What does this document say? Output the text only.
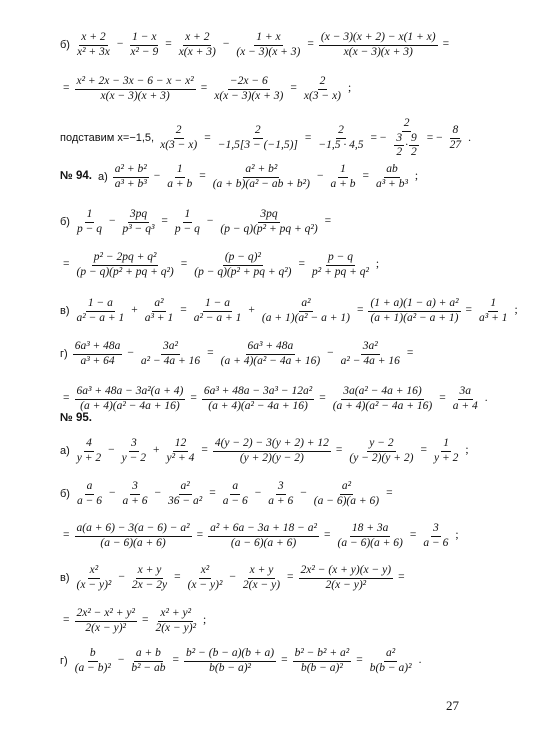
$б) \frac{x + 2}{\text{x² + 3x}} - \frac{1 - x}{\text{x² − 9}} = \frac{x + 2}{x(x + 3)} - \frac{1 + x}{(x - 3)(x + 3)} = \frac{(x - 3)(x + 2) - x(1 + x)}{x(x - 3)(x + 3)}$ =
= $\frac{\text{x² + 2x − 3x − 6 − x − x²}}{x(x - 3)(x + 3)} = \frac{-2x - 6}{x(x - 3)(x + 3)} = \frac{2}{x(3 - x)}$ ;
подставим x=−1,5, $\frac{2}{x(3 - x)} = \frac{2}{-1,5[3 - (-1,5)]} = \frac{2}{-1,5 \cdot 4,5}$ = − $\frac{2}{\frac{3}{2} \cdot \frac{9}{2}}$ = − $\frac{8}{27}$ .
№ 94. $а) \frac{\text{a² + b²}}{\text{a³ + b³}} - \frac{1}{a + b} = \frac{\text{a² + b²}}{\text{(a + b)(a² − ab + b²)}} - \frac{1}{a + b} = \frac{ab}{\text{a³ + b³}}$ ;
$б) \frac{1}{p - q} - \frac{3pq}{\text{p³ − q³}} = \frac{1}{p - q} - \frac{3pq}{\text{(p − q)(p² + pq + q²)}}$ =
= $\frac{\text{p² − 2pq + q²}}{\text{(p − q)(p² + pq + q²)}} = \frac{\text{(p − q)²}}{\text{(p − q)(p² + pq + q²)}} = \frac{p - q}{\text{p² + pq + q²}}$ ;
$в) \frac{1 - a}{\text{a² − a + 1}} + \frac{\text{a²}}{\text{a³ + 1}} = \frac{1 - a}{\text{a² − a + 1}} + \frac{\text{a²}}{\text{(a + 1)(a² − a + 1)}} = \frac{\text{(1 + a)(1 − a) + a²}}{\text{(a + 1)(a² − a + 1)}} = \frac{1}{\text{a³ + 1}}$ ;
$г) \frac{\text{6a³ + 48a}}{\text{a³ + 64}} - \frac{\text{3a²}}{\text{a² − 4a + 16}} = \frac{\text{6a³ + 48a}}{\text{(a + 4)(a² − 4a + 16)}} - \frac{\text{3a²}}{\text{a² − 4a + 16}}$ =
= $\frac{\text{6a³ + 48a − 3a²(a + 4)}}{\text{(a + 4)(a² − 4a + 16)}} = \frac{\text{6a³ + 48a − 3a³ − 12a²}}{\text{(a + 4)(a² − 4a + 16)}} = \frac{\text{3a(a² − 4a + 16)}}{\text{(a + 4)(a² − 4a + 16)}} = \frac{3a}{a + 4}$ .
№ 95.
$а) \frac{4}{y + 2} - \frac{3}{y - 2} + \frac{12}{\text{y² + 4}} = \frac{4(y - 2) - 3(y + 2) + 12}{(y + 2)(y - 2)} = \frac{y - 2}{(y - 2)(y + 2)} = \frac{1}{y + 2}$ ;
$б) \frac{a}{a - 6} - \frac{3}{a + 6} - \frac{\text{a²}}{\text{36 − a²}} = \frac{a}{a - 6} - \frac{3}{a + 6} - \frac{\text{a²}}{(a - 6)(a + 6)}$ =
= $\frac{\text{a(a + 6) − 3(a − 6) − a²}}{(a - 6)(a + 6)} = \frac{\text{a² + 6a − 3a + 18 − a²}}{(a - 6)(a + 6)} = \frac{18 + 3a}{(a - 6)(a + 6)} = \frac{3}{a - 6}$ ;
$в) \frac{\text{x²}}{\text{(x − y)²}} - \frac{x + y}{2x - 2y} = \frac{\text{x²}}{\text{(x − y)²}} - \frac{x + y}{2(x - y)} = \frac{\text{2x² − (x + y)(x − y)}}{\text{2(x − y)²}}$ =
= $\frac{\text{2x² − x² + y²}}{\text{2(x − y)²}} = \frac{\text{x² + y²}}{\text{2(x − y)²}}$ ;
$г) \frac{b}{\text{(a − b)²}} - \frac{a + b}{\text{b² − ab}} = \frac{\text{b² − (b − a)(b + a)}}{\text{b(b − a)²}} = \frac{\text{b² − b² + a²}}{\text{b(b − a)²}} = \frac{\text{a²}}{\text{b(b − a)²}}$ .
27
